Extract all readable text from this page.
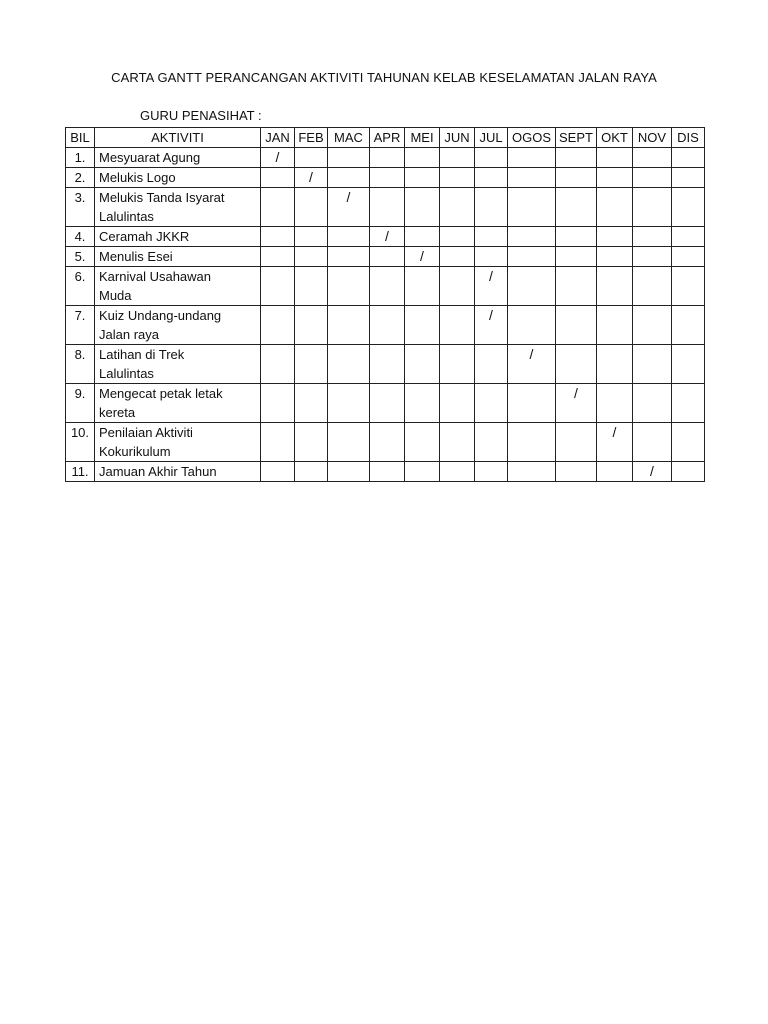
CARTA GANTT PERANCANGAN AKTIVITI TAHUNAN KELAB KESELAMATAN JALAN RAYA
GURU PENASIHAT :
BIL	AKTIVITI	JAN	FEB	MAC	APR	MEI	JUN	JUL	OGOS	SEPT	OKT	NOV	DIS
1.	Mesyuarat Agung	/											
2.	Melukis Logo		/										
3.	Melukis Tanda Isyarat
Lalulintas			/									
4.	Ceramah JKKR				/								
5.	Menulis Esei					/							
6.	Karnival Usahawan
Muda							/					
7.	Kuiz Undang-undang
Jalan raya							/					
8.	Latihan di Trek
Lalulintas								/				
9.	Mengecat petak letak
kereta									/			
10.	Penilaian Aktiviti
Kokurikulum										/		
11.	Jamuan Akhir Tahun											/	
